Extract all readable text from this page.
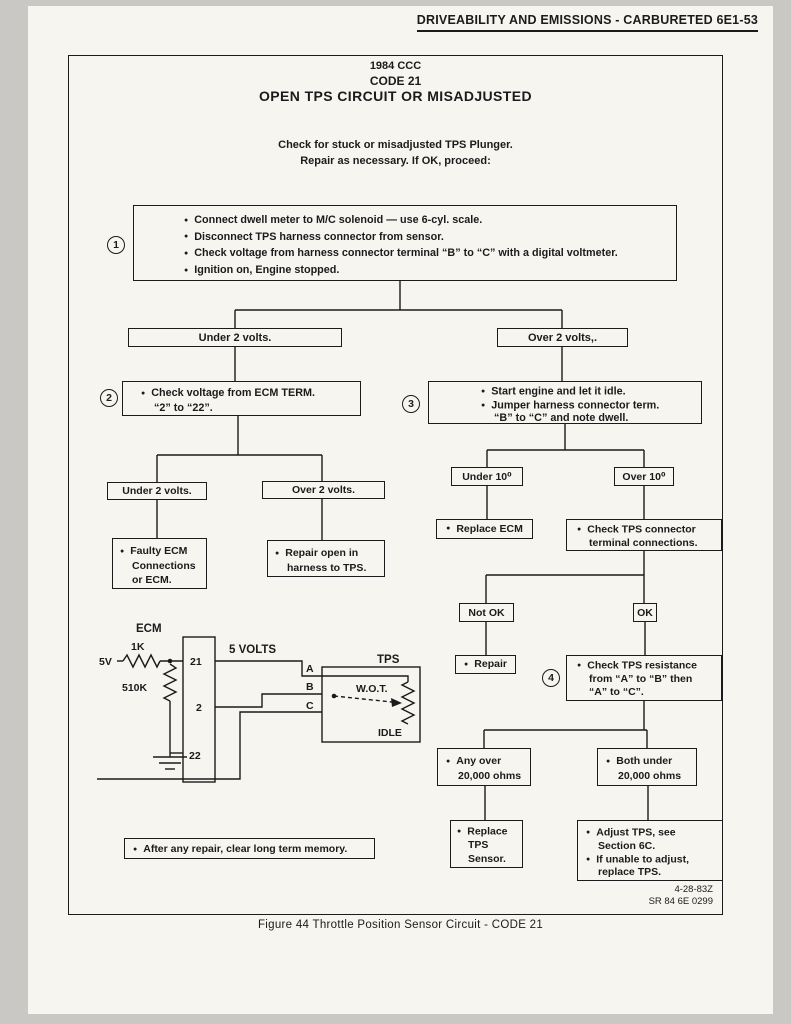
DRIVEABILITY AND EMISSIONS - CARBURETED 6E1-53
1984 CCC
CODE 21
OPEN TPS CIRCUIT OR MISADJUSTED
Check for stuck or misadjusted TPS Plunger.
Repair as necessary. If OK, proceed:
ECM
5V
1K
510K
21
2
22
5 VOLTS
A
B
C
TPS
W.O.T.
IDLE
1
2	3
4
● Connect dwell meter to M/C solenoid — use 6-cyl. scale.
● Disconnect TPS harness connector from sensor.
● Check voltage from harness connector terminal “B” to “C” with a digital voltmeter.
● Ignition on, Engine stopped.
Under 2 volts.	Over 2 volts,.
● Check voltage from ECM TERM.
“2” to “22”.
Under 2 volts.	Over 2 volts.
● Faulty ECM
Connections
or ECM.
● Repair open in
harness to TPS.
● Start engine and let it idle.
● Jumper harness connector term.
“B” to “C” and note dwell.
Under 10⁰	Over 10⁰
● Replace ECM	● Check TPS connector
terminal connections.
Not OK	OK
● Repair	● Check TPS resistance
from “A” to “B” then
“A” to “C”.
● Any over
20,000 ohms
● Both under
20,000 ohms
● Replace
TPS
Sensor.
● Adjust TPS, see
Section 6C.
● If unable to adjust,
replace TPS.
● After any repair, clear long term memory.
4-28-83Z
SR 84 6E 0299
Figure 44 Throttle Position Sensor Circuit - CODE 21
